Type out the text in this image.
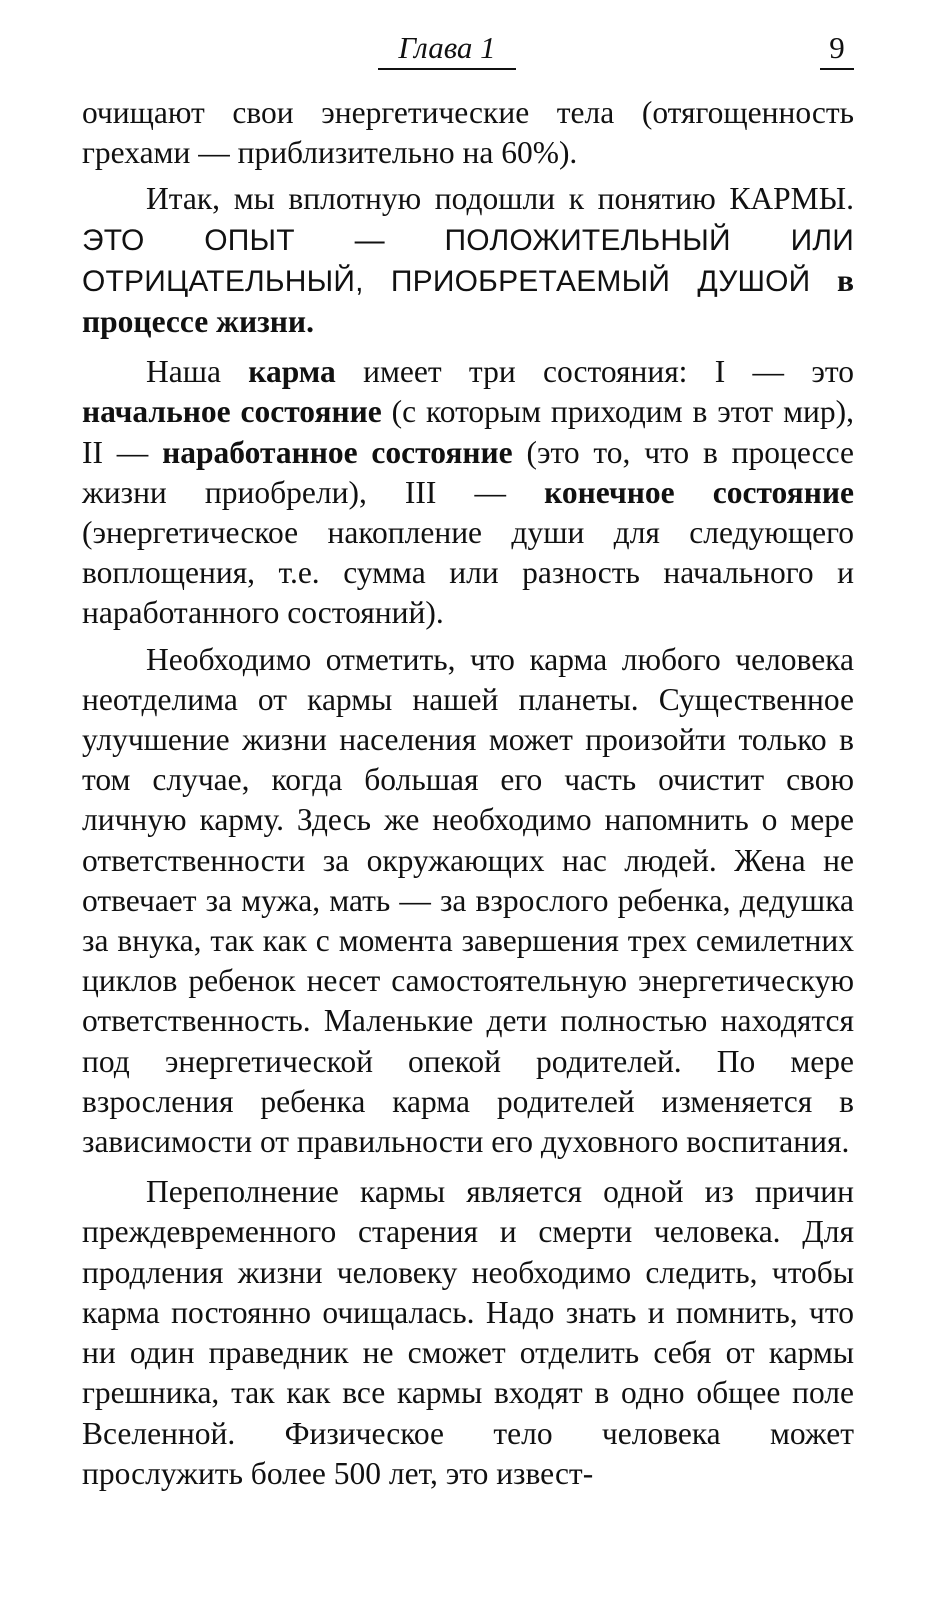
Глава 1	9

очищают свои энергетические тела (отягощенность грехами — приблизительно на 60%).

Итак, мы вплотную подошли к понятию КАРМЫ. ЭТО ОПЫТ — ПОЛОЖИТЕЛЬНЫЙ ИЛИ ОТРИЦАТЕЛЬНЫЙ, ПРИОБРЕТАЕМЫЙ ДУШОЙ в процессе жизни.

Наша карма имеет три состояния: I — это начальное состояние (с которым приходим в этот мир), II — наработанное состояние (это то, что в процессе жизни приобрели), III — конечное состояние (энергетическое накопление души для следующего воплощения, т.е. сумма или разность начального и наработанного состояний).

Необходимо отметить, что карма любого человека неотделима от кармы нашей планеты. Существенное улучшение жизни населения может произойти только в том случае, когда большая его часть очистит свою личную карму. Здесь же необходимо напомнить о мере ответственности за окружающих нас людей. Жена не отвечает за мужа, мать — за взрослого ребенка, дедушка за внука, так как с момента завершения трех семилетних циклов ребенок несет самостоятельную энергетическую ответственность. Маленькие дети полностью находятся под энергетической опекой родителей. По мере взросления ребенка карма родителей изменяется в зависимости от правильности его духовного воспитания.

Переполнение кармы является одной из причин преждевременного старения и смерти человека. Для продления жизни человеку необходимо следить, чтобы карма постоянно очищалась. Надо знать и помнить, что ни один праведник не сможет отделить себя от кармы грешника, так как все кармы входят в одно общее поле Вселенной. Физическое тело человека может прослужить более 500 лет, это извест-
